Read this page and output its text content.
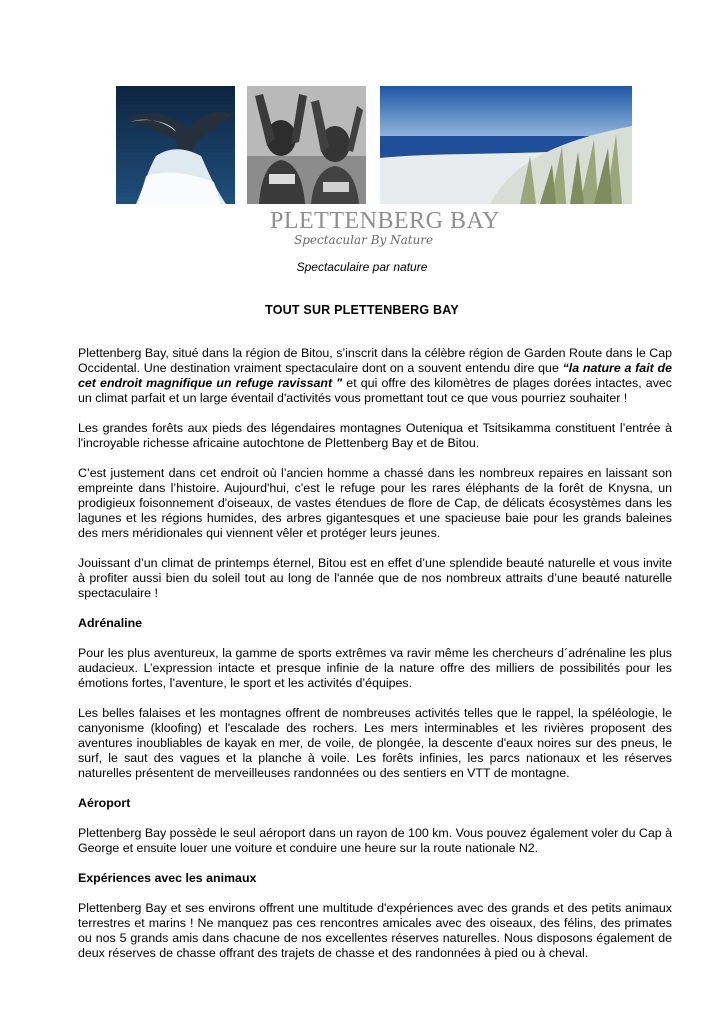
PLETTENBERG BAY
Spectacular By Nature
Spectaculaire par nature
TOUT SUR PLETTENBERG BAY

Plettenberg Bay, situé dans la région de Bitou, s’inscrit dans la célèbre région de Garden Route dans le Cap Occidental. Une destination vraiment spectaculaire dont on a souvent entendu dire que “la nature a fait de cet endroit magnifique un refuge ravissant " et qui offre des kilomètres de plages dorées intactes, avec un climat parfait et un large éventail d'activités vous promettant tout ce que vous pourriez souhaiter !

Les grandes forêts aux pieds des légendaires montagnes Outeniqua et Tsitsikamma constituent l’entrée à l'incroyable richesse africaine autochtone de Plettenberg Bay et de Bitou.

C’est justement dans cet endroit où l’ancien homme a chassé dans les nombreux repaires en laissant son empreinte dans l’histoire. Aujourd'hui, c'est le refuge pour les rares éléphants de la forêt de Knysna, un prodigieux foisonnement d'oiseaux, de vastes étendues de flore de Cap, de délicats écosystèmes dans les lagunes et les régions humides, des arbres gigantesques et une spacieuse baie pour les grands baleines des mers méridionales qui viennent vêler et protéger leurs jeunes.

Jouissant d’un climat de printemps éternel, Bitou est en effet d’une splendide beauté naturelle et vous invite à profiter aussi bien du soleil tout au long de l'année que de nos nombreux attraits d’une beauté naturelle spectaculaire !

Adrénaline

Pour les plus aventureux, la gamme de sports extrêmes va ravir même les chercheurs d´adrénaline les plus audacieux. L’expression intacte et presque infinie de la nature offre des milliers de possibilités pour les émotions fortes, l’aventure, le sport et les activités d’équipes.

Les belles falaises et les montagnes offrent de nombreuses activités telles que le rappel, la spéléologie, le canyonisme (kloofing) et l'escalade des rochers. Les mers interminables et les rivières proposent des aventures inoubliables de kayak en mer, de voile, de plongée, la descente d'eaux noires sur des pneus, le surf, le saut des vagues et la planche à voile. Les forêts infinies, les parcs nationaux et les réserves naturelles présentent de merveilleuses randonnées ou des sentiers en VTT de montagne.

Aéroport

Plettenberg Bay possède le seul aéroport dans un rayon de 100 km. Vous pouvez également voler du Cap à George et ensuite louer une voiture et conduire une heure sur la route nationale N2.

Expériences avec les animaux

Plettenberg Bay et ses environs offrent une multitude d'expériences avec des grands et des petits animaux terrestres et marins ! Ne manquez pas ces rencontres amicales avec des oiseaux, des félins, des primates ou nos 5 grands amis dans chacune de nos excellentes réserves naturelles. Nous disposons également de deux réserves de chasse offrant des trajets de chasse et des randonnées à pied ou à cheval.
